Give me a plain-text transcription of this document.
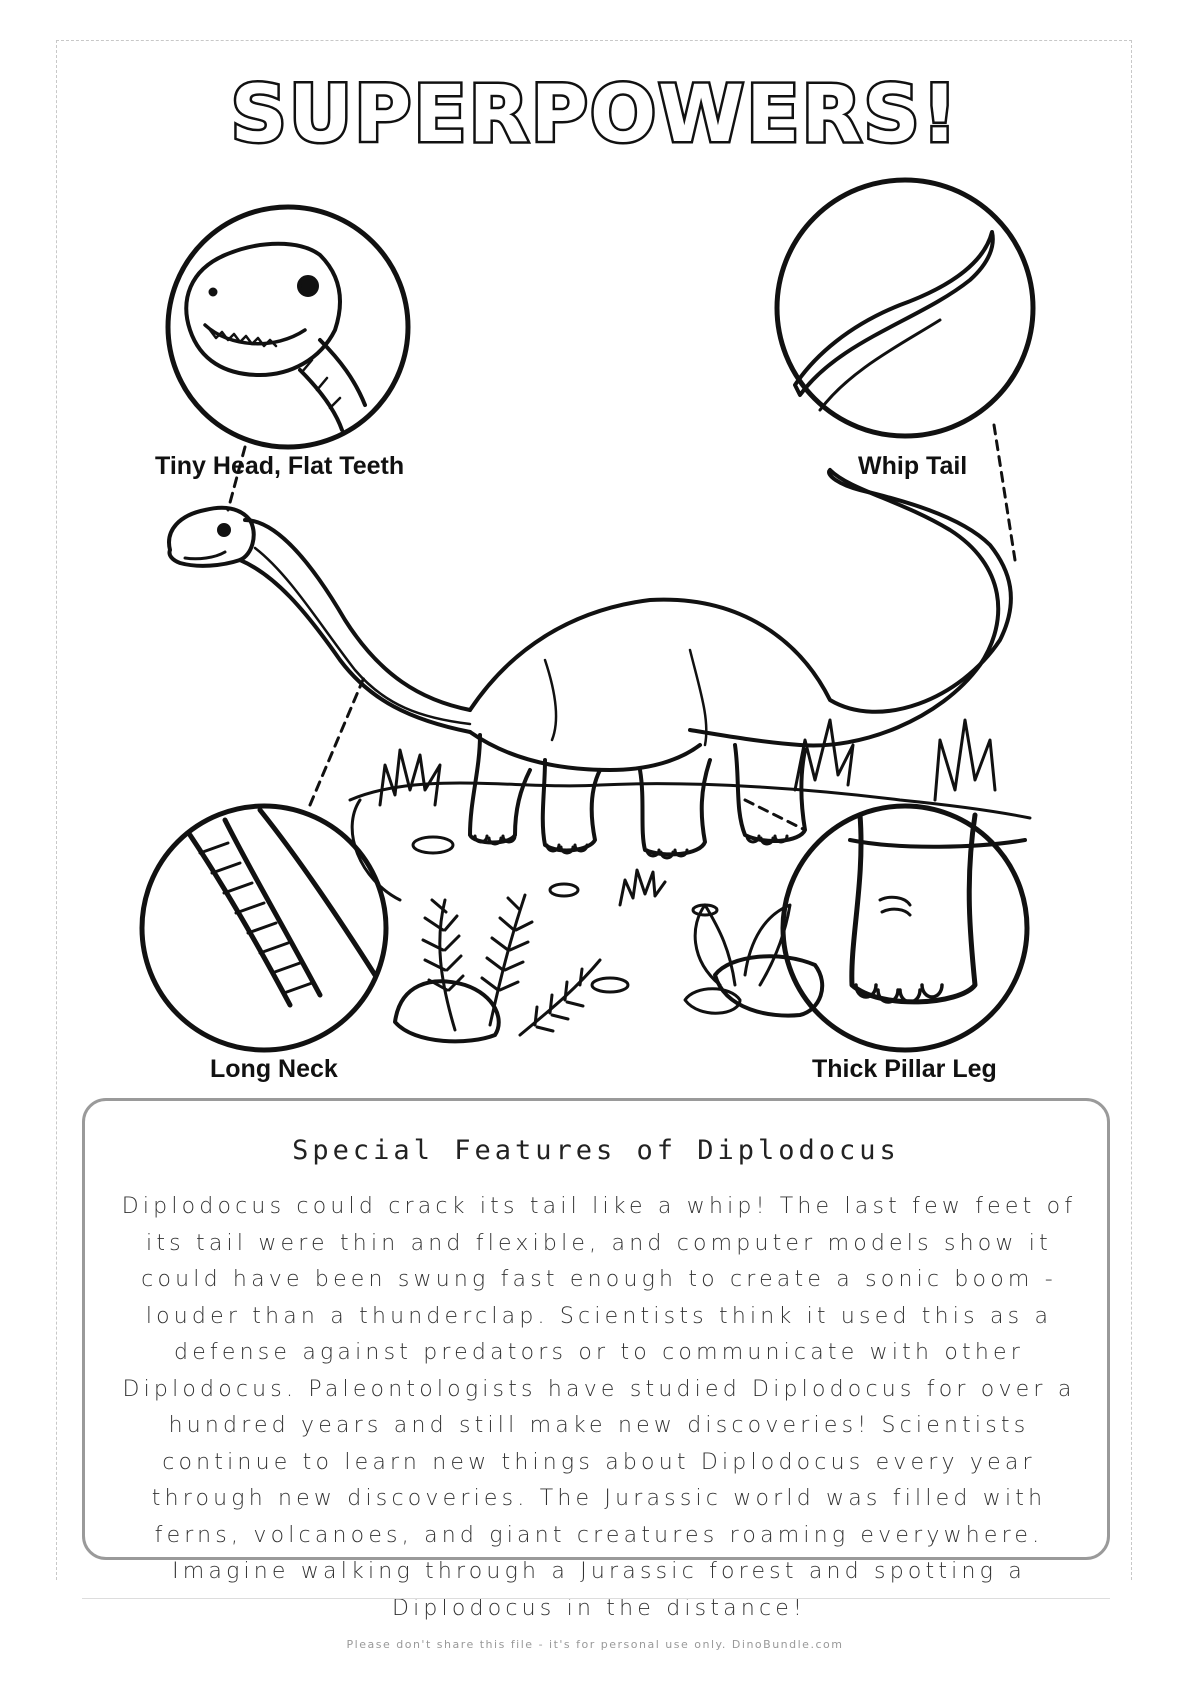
SUPERPOWERS!
Tiny Head, Flat Teeth	Whip Tail
Long Neck	Thick Pillar Leg
Special Features of Diplodocus
Diplodocus could crack its tail like a whip! The last few feet of its tail were thin and flexible, and computer models show it could have been swung fast enough to create a sonic boom - louder than a thunderclap. Scientists think it used this as a defense against predators or to communicate with other Diplodocus. Paleontologists have studied Diplodocus for over a hundred years and still make new discoveries! Scientists continue to learn new things about Diplodocus every year through new discoveries. The Jurassic world was filled with ferns, volcanoes, and giant creatures roaming everywhere. Imagine walking through a Jurassic forest and spotting a Diplodocus in the distance!
Please don't share this file - it's for personal use only. DinoBundle.com
